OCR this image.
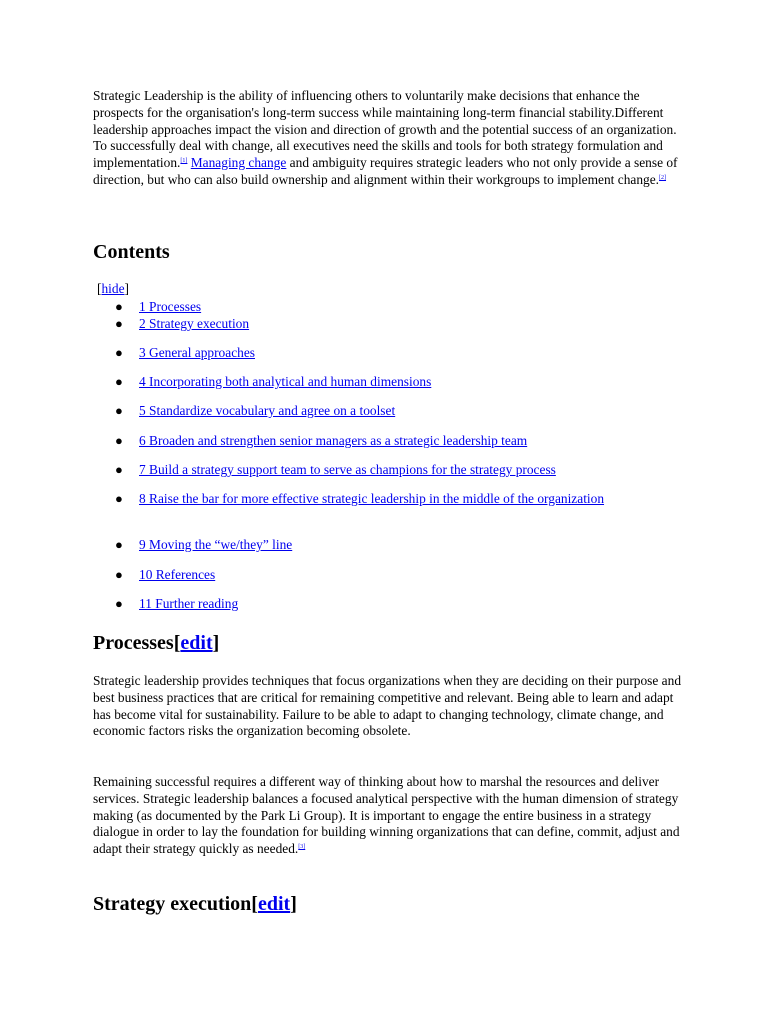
Strategic Leadership is the ability of influencing others to voluntarily make decisions that enhance the prospects for the organisation's long-term success while maintaining long-term financial stability.Different leadership approaches impact the vision and direction of growth and the potential success of an organization. To successfully deal with change, all executives need the skills and tools for both strategy formulation and implementation.[1] Managing change and ambiguity requires strategic leaders who not only provide a sense of direction, but who can also build ownership and alignment within their workgroups to implement change.[2]

Contents
[hide]
● 1 Processes
● 2 Strategy execution
● 3 General approaches
● 4 Incorporating both analytical and human dimensions
● 5 Standardize vocabulary and agree on a toolset
● 6 Broaden and strengthen senior managers as a strategic leadership team
● 7 Build a strategy support team to serve as champions for the strategy process
● 8 Raise the bar for more effective strategic leadership in the middle of the organization
● 9 Moving the “we/they” line
● 10 References
● 11 Further reading
Processes[edit]

Strategic leadership provides techniques that focus organizations when they are deciding on their purpose and best business practices that are critical for remaining competitive and relevant. Being able to learn and adapt has become vital for sustainability. Failure to be able to adapt to changing technology, climate change, and economic factors risks the organization becoming obsolete.

Remaining successful requires a different way of thinking about how to marshal the resources and deliver services. Strategic leadership balances a focused analytical perspective with the human dimension of strategy making (as documented by the Park Li Group). It is important to engage the entire business in a strategy dialogue in order to lay the foundation for building winning organizations that can define, commit, adjust and adapt their strategy quickly as needed.[3]

Strategy execution[edit]
